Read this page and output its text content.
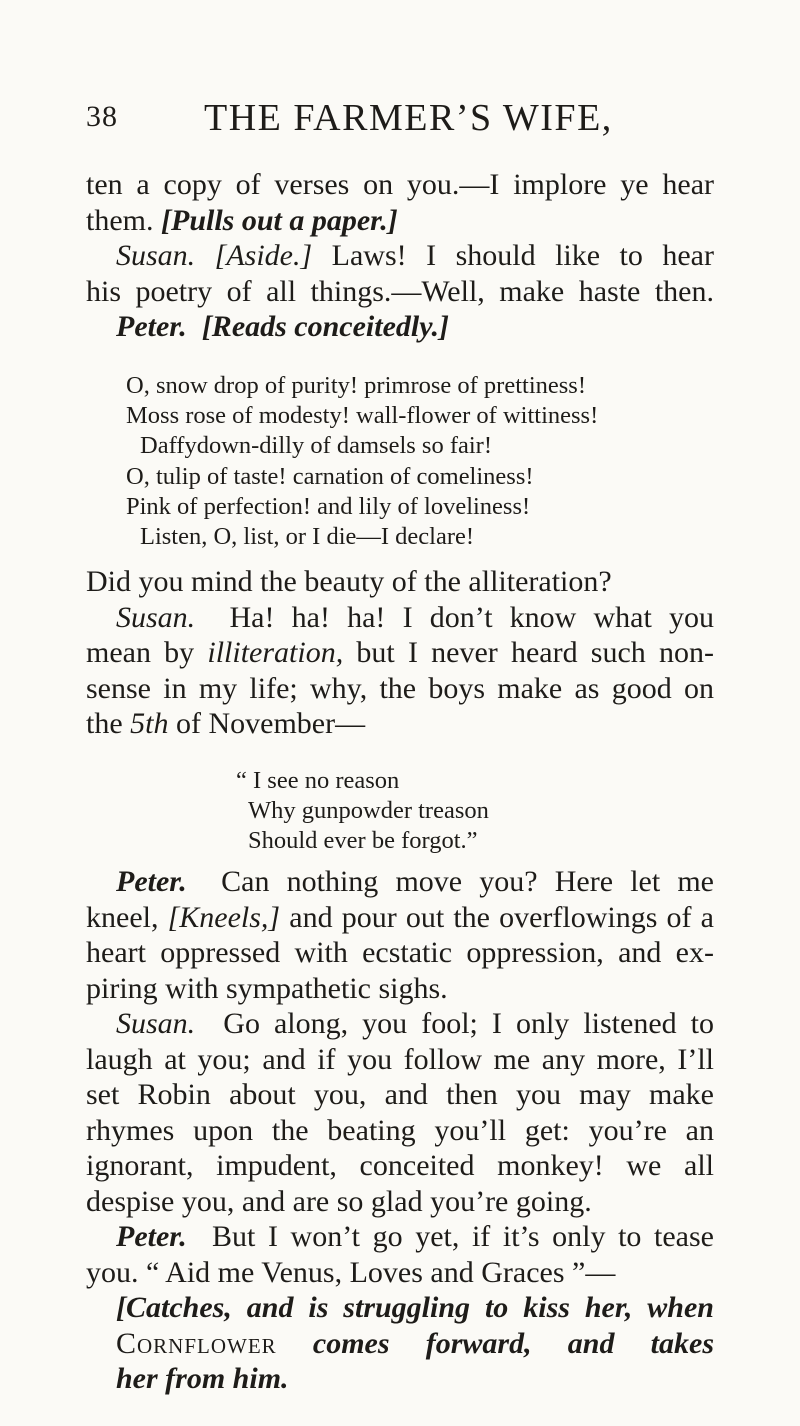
38 THE FARMER’S WIFE,
ten a copy of verses on you.—I implore ye hear
them. [Pulls out a paper.]
Susan. [Aside.] Laws! I should like to hear
his poetry of all things.—Well, make haste then.
Peter. [Reads conceitedly.]
O, snow drop of purity! primrose of prettiness!
Moss rose of modesty! wall-flower of wittiness!
Daffydown-dilly of damsels so fair!
O, tulip of taste! carnation of comeliness!
Pink of perfection! and lily of loveliness!
Listen, O, list, or I die—I declare!
Did you mind the beauty of the alliteration?
Susan. Ha! ha! ha! I don’t know what you
mean by illiteration, but I never heard such non-
sense in my life; why, the boys make as good on
the 5th of November—
“ I see no reason
Why gunpowder treason
Should ever be forgot.”
Peter. Can nothing move you? Here let me
kneel, [Kneels,] and pour out the overflowings of a
heart oppressed with ecstatic oppression, and ex-
piring with sympathetic sighs.
Susan. Go along, you fool; I only listened to
laugh at you; and if you follow me any more, I’ll
set Robin about you, and then you may make
rhymes upon the beating you’ll get: you’re an
ignorant, impudent, conceited monkey! we all
despise you, and are so glad you’re going.
Peter. But I won’t go yet, if it’s only to tease
you. “ Aid me Venus, Loves and Graces ”—
[Catches, and is struggling to kiss her, when
Cornflower comes forward, and takes
her from him.
